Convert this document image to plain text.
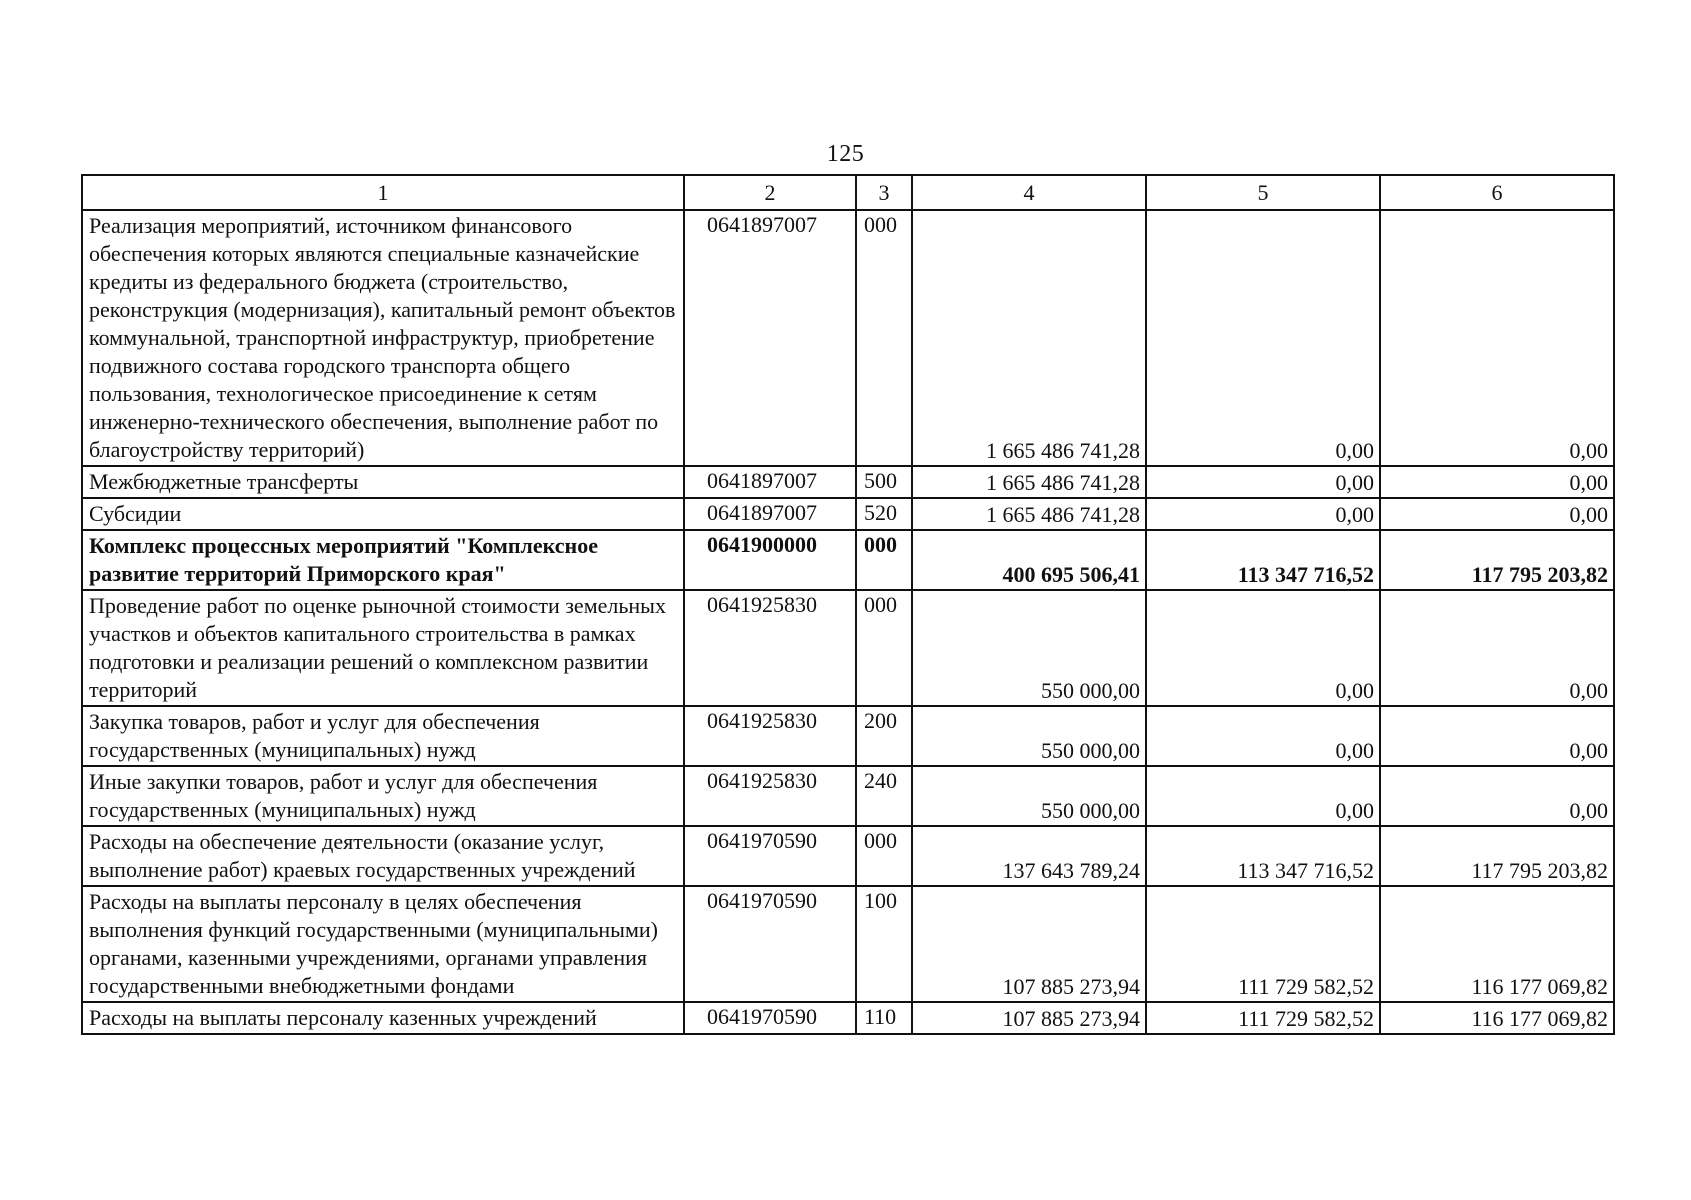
125
1	2	3	4	5	6
Реализация мероприятий, источником финансового обеспечения которых являются специальные казначейские кредиты из федерального бюджета (строительство, реконструкция (модернизация), капитальный ремонт объектов коммунальной, транспортной инфраструктур, приобретение подвижного состава городского транспорта общего пользования, технологическое присоединение к сетям инженерно-технического обеспечения, выполнение работ по благоустройству территорий)	0641897007	000	1 665 486 741,28	0,00	0,00
Межбюджетные трансферты	0641897007	500	1 665 486 741,28	0,00	0,00
Субсидии	0641897007	520	1 665 486 741,28	0,00	0,00
Комплекс процессных мероприятий "Комплексное развитие территорий Приморского края"	0641900000	000	400 695 506,41	113 347 716,52	117 795 203,82
Проведение работ по оценке рыночной стоимости земельных участков и объектов капитального строительства в рамках подготовки и реализации решений о комплексном развитии территорий	0641925830	000	550 000,00	0,00	0,00
Закупка товаров, работ и услуг для обеспечения государственных (муниципальных) нужд	0641925830	200	550 000,00	0,00	0,00
Иные закупки товаров, работ и услуг для обеспечения государственных (муниципальных) нужд	0641925830	240	550 000,00	0,00	0,00
Расходы на обеспечение деятельности (оказание услуг, выполнение работ) краевых государственных учреждений	0641970590	000	137 643 789,24	113 347 716,52	117 795 203,82
Расходы на выплаты персоналу в целях обеспечения выполнения функций государственными (муниципальными) органами, казенными учреждениями, органами управления государственными внебюджетными фондами	0641970590	100	107 885 273,94	111 729 582,52	116 177 069,82
Расходы на выплаты персоналу казенных учреждений	0641970590	110	107 885 273,94	111 729 582,52	116 177 069,82
